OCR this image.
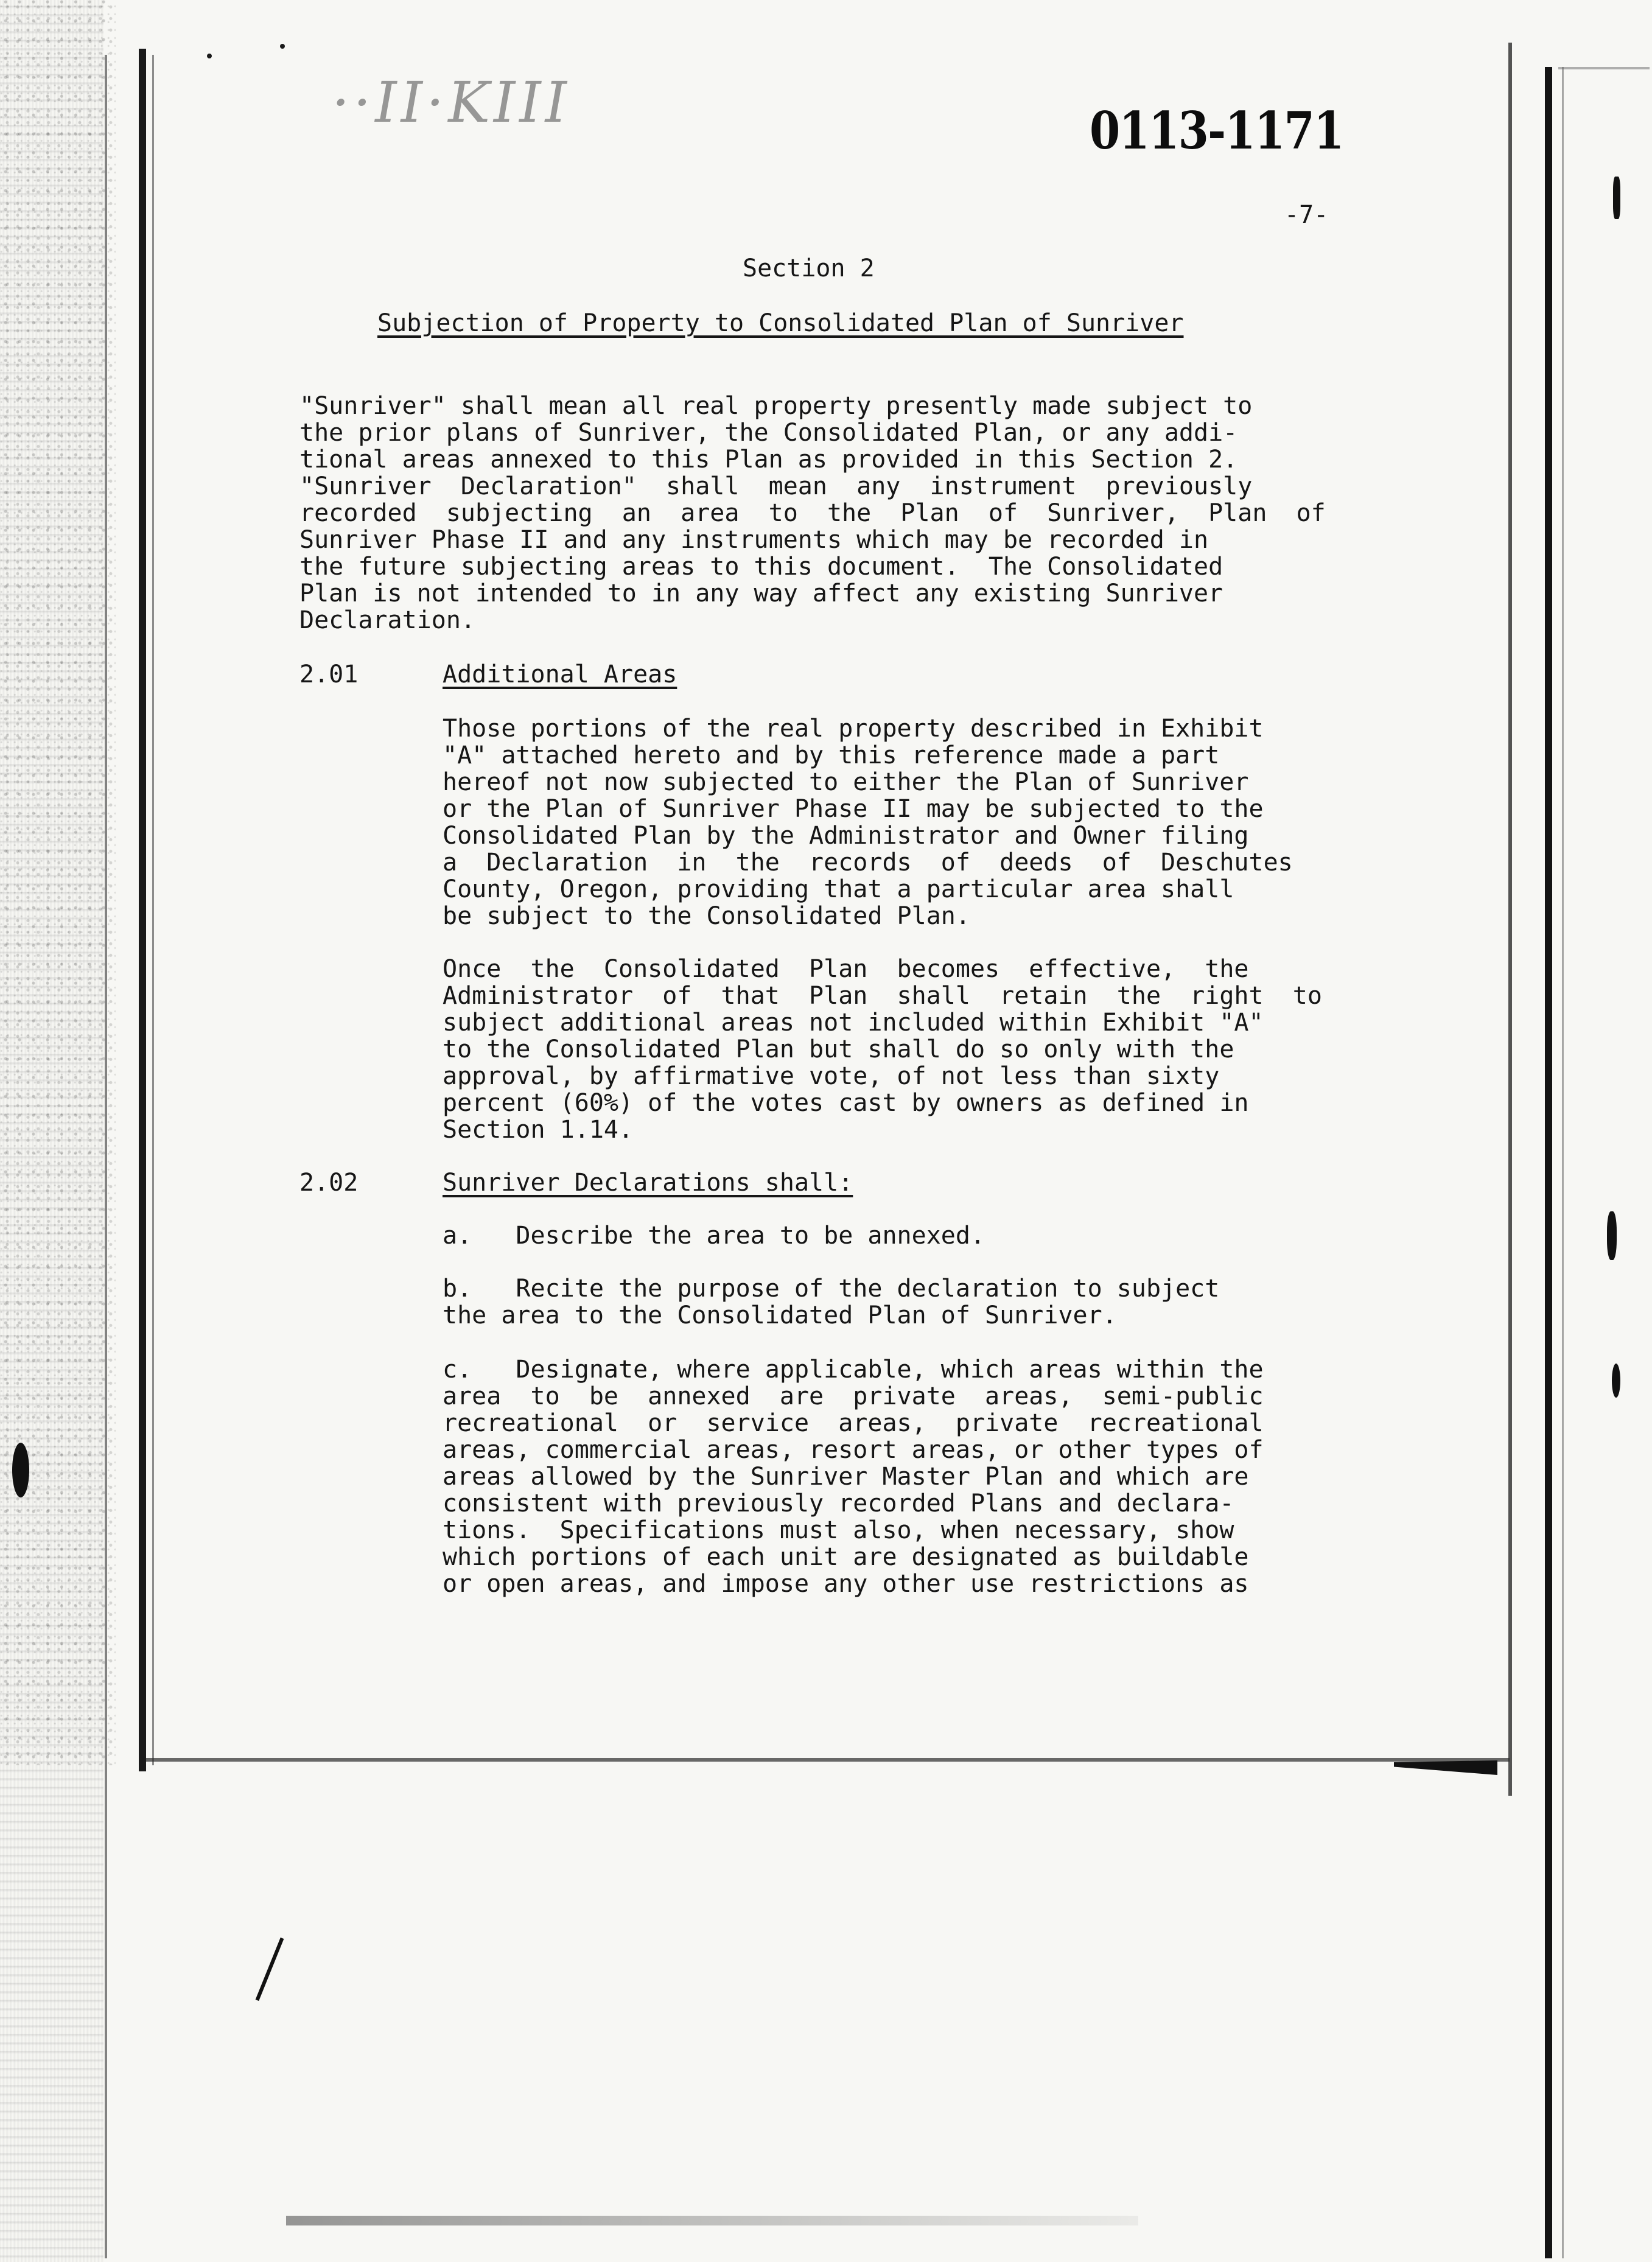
··ΙΙ·ΚΙΙΙ	0113-1171
-7-
Section 2
Subjection of Property to Consolidated Plan of Sunriver
"Sunriver" shall mean all real property presently made subject to
the prior plans of Sunriver, the Consolidated Plan, or any addi-
tional areas annexed to this Plan as provided in this Section 2.
"Sunriver  Declaration"  shall  mean  any  instrument  previously
recorded  subjecting  an  area  to  the  Plan  of  Sunriver,  Plan  of
Sunriver Phase II and any instruments which may be recorded in
the future subjecting areas to this document.  The Consolidated
Plan is not intended to in any way affect any existing Sunriver
Declaration.
2.01	Additional Areas
Those portions of the real property described in Exhibit
"A" attached hereto and by this reference made a part
hereof not now subjected to either the Plan of Sunriver
or the Plan of Sunriver Phase II may be subjected to the
Consolidated Plan by the Administrator and Owner filing
a  Declaration  in  the  records  of  deeds  of  Deschutes
County, Oregon, providing that a particular area shall
be subject to the Consolidated Plan.
Once  the  Consolidated  Plan  becomes  effective,  the
Administrator  of  that  Plan  shall  retain  the  right  to
subject additional areas not included within Exhibit "A"
to the Consolidated Plan but shall do so only with the
approval, by affirmative vote, of not less than sixty
percent (60%) of the votes cast by owners as defined in
Section 1.14.
2.02	Sunriver Declarations shall:
a.   Describe the area to be annexed.
b.   Recite the purpose of the declaration to subject
the area to the Consolidated Plan of Sunriver.
c.   Designate, where applicable, which areas within the
area  to  be  annexed  are  private  areas,  semi-public
recreational  or  service  areas,  private  recreational
areas, commercial areas, resort areas, or other types of
areas allowed by the Sunriver Master Plan and which are
consistent with previously recorded Plans and declara-
tions.  Specifications must also, when necessary, show
which portions of each unit are designated as buildable
or open areas, and impose any other use restrictions as
